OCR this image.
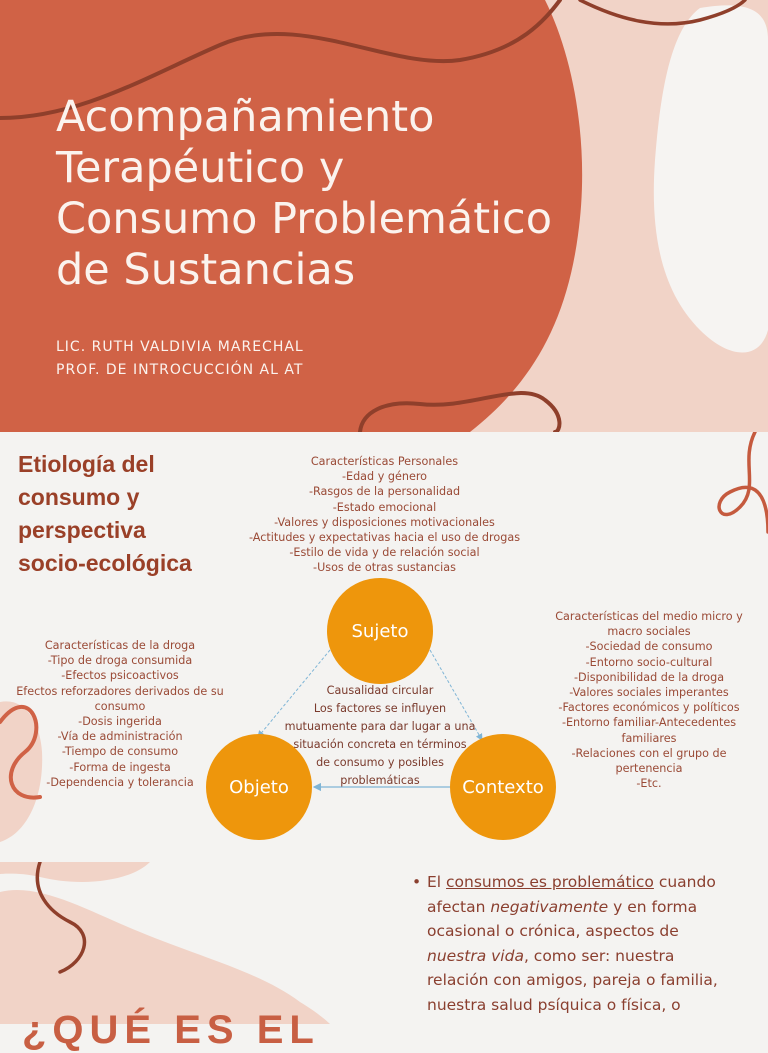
Acompañamiento
Terapéutico y
Consumo Problemático
de Sustancias
LIC. RUTH VALDIVIA MARECHAL
PROF. DE INTROCUCCIÓN AL AT
Etiología del
consumo y
perspectiva
socio-ecológica
Características Personales
-Edad y género
-Rasgos de la personalidad
-Estado emocional
-Valores y disposiciones motivacionales
-Actitudes y expectativas hacia el uso de drogas
-Estilo de vida y de relación social
-Usos de otras sustancias
Características de la droga
-Tipo de droga consumida
-Efectos psicoactivos
Efectos reforzadores derivados de su
consumo
-Dosis ingerida
-Vía de administración
-Tiempo de consumo
-Forma de ingesta
-Dependencia y tolerancia
Características del medio micro y
macro sociales
-Sociedad de consumo
-Entorno socio-cultural
-Disponibilidad de la droga
-Valores sociales imperantes
-Factores económicos y políticos
-Entorno familiar-Antecedentes
familiares
-Relaciones con el grupo de
pertenencia
-Etc.
Sujeto
Objeto	Contexto
Causalidad circular
Los factores se influyen
mutuamente para dar lugar a una
situación concreta en términos
de consumo y posibles
problemáticas
• El consumos es problemático cuando
afectan negativamente y en forma
ocasional o crónica, aspectos de
nuestra vida, como ser: nuestra
relación con amigos, pareja o familia,
nuestra salud psíquica o física, o
¿QUÉ ES EL
